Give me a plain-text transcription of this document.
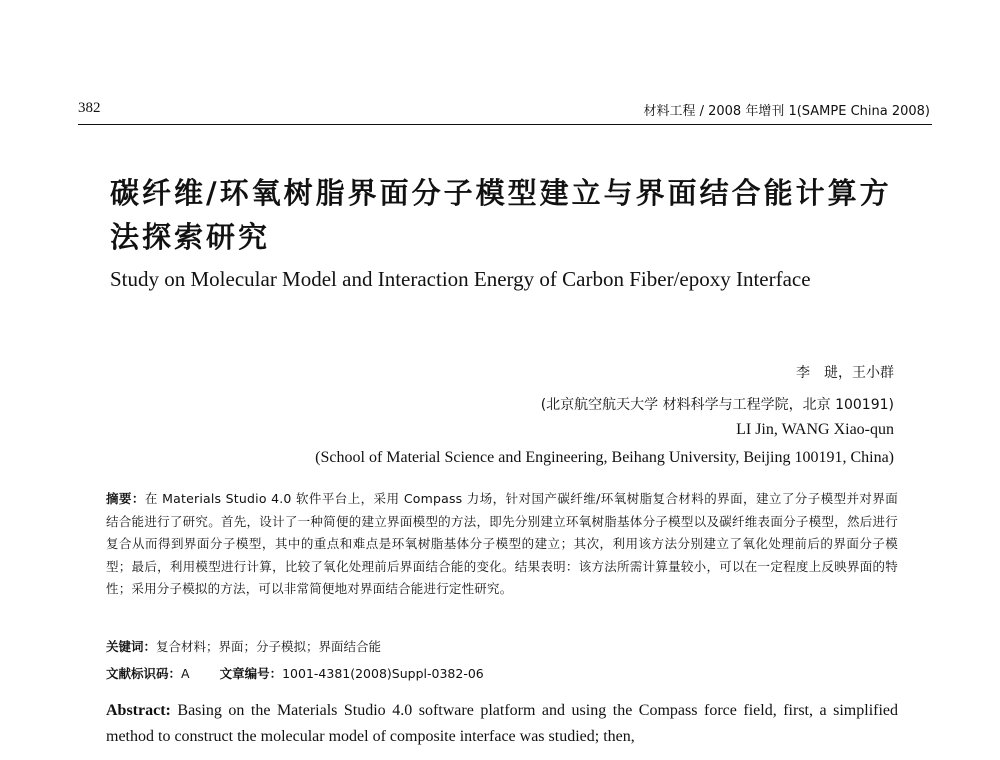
382	材料工程 / 2008 年增刊 1(SAMPE China 2008)
碳纤维/环氧树脂界面分子模型建立与界面结合能计算方法探索研究
Study on Molecular Model and Interaction Energy of Carbon Fiber/epoxy Interface
李　琎，王小群
(北京航空航天大学 材料科学与工程学院，北京 100191)
LI Jin, WANG Xiao-qun
(School of Material Science and Engineering, Beihang University, Beijing 100191, China)
摘要：在 Materials Studio 4.0 软件平台上，采用 Compass 力场，针对国产碳纤维/环氧树脂复合材料的界面，建立了分子模型并对界面结合能进行了研究。首先，设计了一种简便的建立界面模型的方法，即先分别建立环氧树脂基体分子模型以及碳纤维表面分子模型，然后进行复合从而得到界面分子模型，其中的重点和难点是环氧树脂基体分子模型的建立；其次，利用该方法分别建立了氧化处理前后的界面分子模型；最后，利用模型进行计算，比较了氧化处理前后界面结合能的变化。结果表明：该方法所需计算量较小，可以在一定程度上反映界面的特性；采用分子模拟的方法，可以非常简便地对界面结合能进行定性研究。
关键词：复合材料；界面；分子模拟；界面结合能
文献标识码：A 文章编号：1001-4381(2008)Suppl-0382-06
Abstract: Basing on the Materials Studio 4.0 software platform and using the Compass force field, first, a simplified method to construct the molecular model of composite interface was studied; then,
